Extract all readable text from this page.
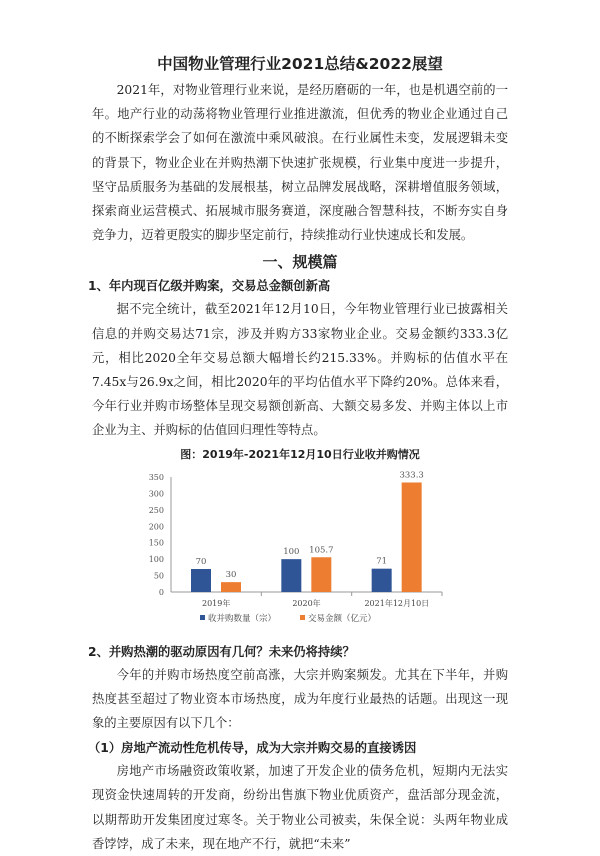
中国物业管理行业2021总结&2022展望
2021年，对物业管理行业来说，是经历磨砺的一年，也是机遇空前的一年。地产行业的动荡将物业管理行业推进激流，但优秀的物业企业通过自己的不断探索学会了如何在激流中乘风破浪。在行业属性未变，发展逻辑未变的背景下，物业企业在并购热潮下快速扩张规模，行业集中度进一步提升，坚守品质服务为基础的发展根基，树立品牌发展战略，深耕增值服务领域，探索商业运营模式、拓展城市服务赛道，深度融合智慧科技，不断夯实自身竞争力，迈着更殷实的脚步坚定前行，持续推动行业快速成长和发展。
一、规模篇
1、年内现百亿级并购案，交易总金额创新高
据不完全统计，截至2021年12月10日，今年物业管理行业已披露相关信息的并购交易达71宗，涉及并购方33家物业企业。交易金额约333.3亿元，相比2020全年交易总额大幅增长约215.33%。并购标的估值水平在7.45x与26.9x之间，相比2020年的平均估值水平下降约20%。总体来看，今年行业并购市场整体呈现交易额创新高、大额交易多发、并购主体以上市企业为主、并购标的估值回归理性等特点。
图：2019年-2021年12月10日行业收并购情况
0
50
100
150
200
250
300
350
2019年
70
30
2020年
100 105.7
2021年12月10日
71
333.3
收并购数量（宗）	交易金额（亿元）
2、并购热潮的驱动原因有几何？未来仍将持续？
今年的并购市场热度空前高涨，大宗并购案频发。尤其在下半年，并购热度甚至超过了物业资本市场热度，成为年度行业最热的话题。出现这一现象的主要原因有以下几个：
（1）房地产流动性危机传导，成为大宗并购交易的直接诱因
房地产市场融资政策收紧，加速了开发企业的债务危机，短期内无法实现资金快速周转的开发商，纷纷出售旗下物业优质资产，盘活部分现金流，以期帮助开发集团度过寒冬。关于物业公司被卖，朱保全说：头两年物业成香饽饽，成了未来，现在地产不行，就把“未来”
